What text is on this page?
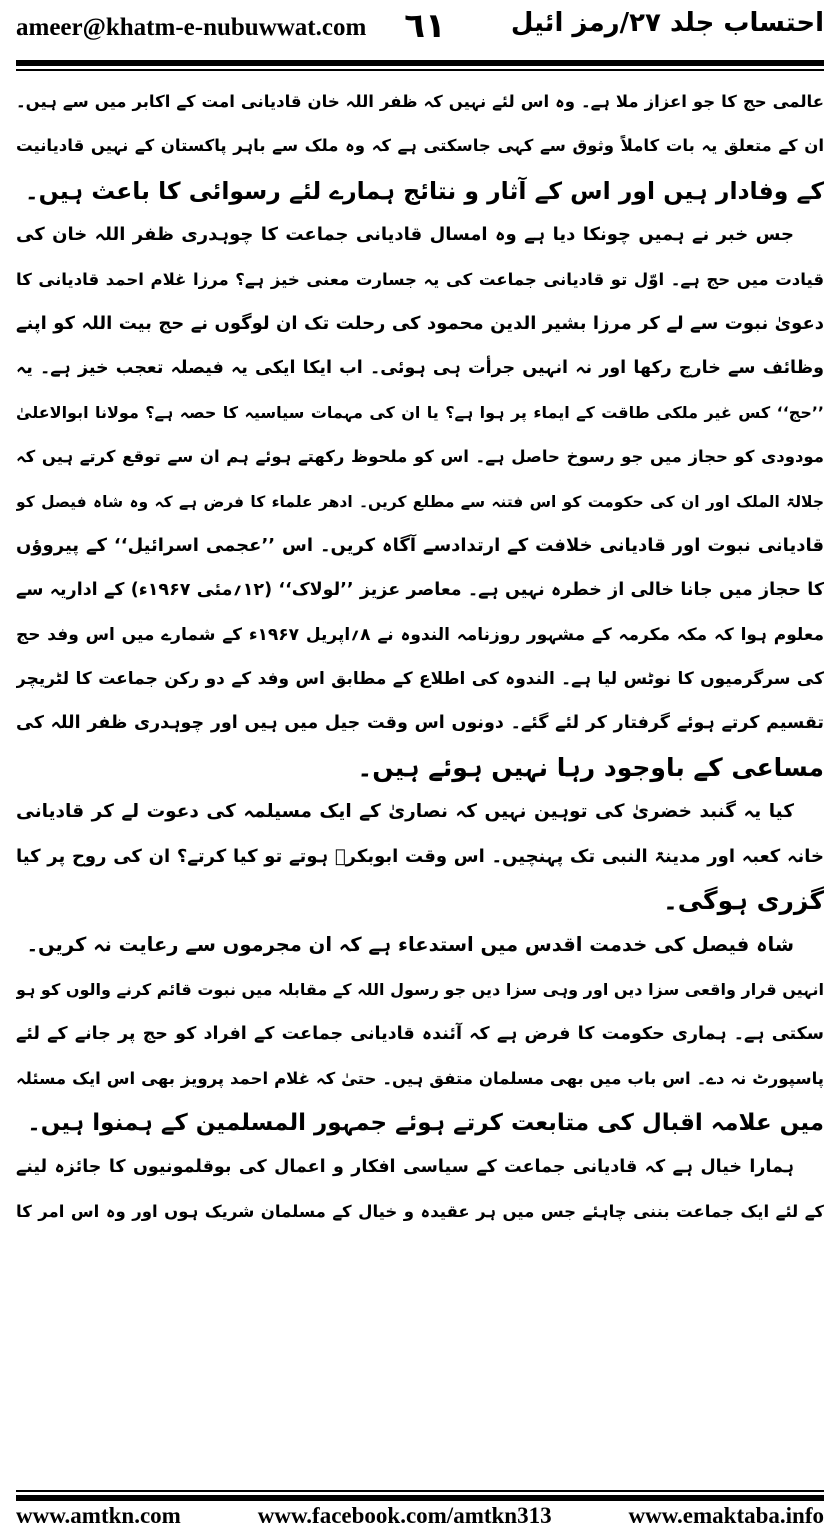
ameer@khatm-e-nubuwwat.com ٦١	احتساب جلد ۲۷/رمز ائیل
عالمی حج کا جو اعزاز ملا ہے۔ وہ اس لئے نہیں کہ ظفر اللہ خان قادیانی امت کے اکابر میں سے ہیں۔
ان کے متعلق یہ بات کاملاً وثوق سے کہی جاسکتی ہے کہ وہ ملک سے باہر پاکستان کے نہیں قادیانیت
کے وفادار ہیں اور اس کے آثار و نتائج ہمارے لئے رسوائی کا باعث ہیں۔
جس خبر نے ہمیں چونکا دیا ہے وہ امسال قادیانی جماعت کا چوہدری ظفر اللہ خان کی
قیادت میں حج ہے۔ اوّل تو قادیانی جماعت کی یہ جسارت معنی خیز ہے؟ مرزا غلام احمد قادیانی کا
دعویٰ نبوت سے لے کر مرزا بشیر الدین محمود کی رحلت تک ان لوگوں نے حج بیت اللہ کو اپنے
وظائف سے خارج رکھا اور نہ انہیں جرأت ہی ہوئی۔ اب ایکا ایکی یہ فیصلہ تعجب خیز ہے۔ یہ
’’حج‘‘ کس غیر ملکی طاقت کے ایماء پر ہوا ہے؟ یا ان کی مہمات سیاسیہ کا حصہ ہے؟ مولانا ابوالاعلیٰ
مودودی کو حجاز میں جو رسوخ حاصل ہے۔ اس کو ملحوظ رکھتے ہوئے ہم ان سے توقع کرتے ہیں کہ
جلالۃ الملک اور ان کی حکومت کو اس فتنہ سے مطلع کریں۔ ادھر علماء کا فرض ہے کہ وہ شاہ فیصل کو
قادیانی نبوت اور قادیانی خلافت کے ارتدادسے آگاہ کریں۔ اس ’’عجمی اسرائیل‘‘ کے پیروؤں
کا حجاز میں جانا خالی از خطرہ نہیں ہے۔ معاصر عزیز ’’لولاک‘‘ (۱۲؍مئی ۱۹۶۷ء) کے اداریہ سے
معلوم ہوا کہ مکہ مکرمہ کے مشہور روزنامہ الندوہ نے ۸؍اپریل ۱۹۶۷ء کے شمارے میں اس وفد حج
کی سرگرمیوں کا نوٹس لیا ہے۔ الندوہ کی اطلاع کے مطابق اس وفد کے دو رکن جماعت کا لٹریچر
تقسیم کرتے ہوئے گرفتار کر لئے گئے۔ دونوں اس وقت جیل میں ہیں اور چوہدری ظفر اللہ کی
مساعی کے باوجود رہا نہیں ہوئے ہیں۔
کیا یہ گنبد خضریٰ کی توہین نہیں کہ نصاریٰ کے ایک مسیلمہ کی دعوت لے کر قادیانی
خانہ کعبہ اور مدینۃ النبی تک پہنچیں۔ اس وقت ابوبکرؓ ہوتے تو کیا کرتے؟ ان کی روح پر کیا
گزری ہوگی۔
شاہ فیصل کی خدمت اقدس میں استدعاء ہے کہ ان مجرموں سے رعایت نہ کریں۔
انہیں قرار واقعی سزا دیں اور وہی سزا دیں جو رسول اللہ کے مقابلہ میں نبوت قائم کرنے والوں کو ہو
سکتی ہے۔ ہماری حکومت کا فرض ہے کہ آئندہ قادیانی جماعت کے افراد کو حج پر جانے کے لئے
پاسپورٹ نہ دے۔ اس باب میں بھی مسلمان متفق ہیں۔ حتیٰ کہ غلام احمد پرویز بھی اس ایک مسئلہ
میں علامہ اقبال کی متابعت کرتے ہوئے جمہور المسلمین کے ہمنوا ہیں۔
ہمارا خیال ہے کہ قادیانی جماعت کے سیاسی افکار و اعمال کی بوقلمونیوں کا جائزہ لینے
کے لئے ایک جماعت بننی چاہئے جس میں ہر عقیدہ و خیال کے مسلمان شریک ہوں اور وہ اس امر کا
www.amtkn.com	www.facebook.com/amtkn313	www.emaktaba.info
